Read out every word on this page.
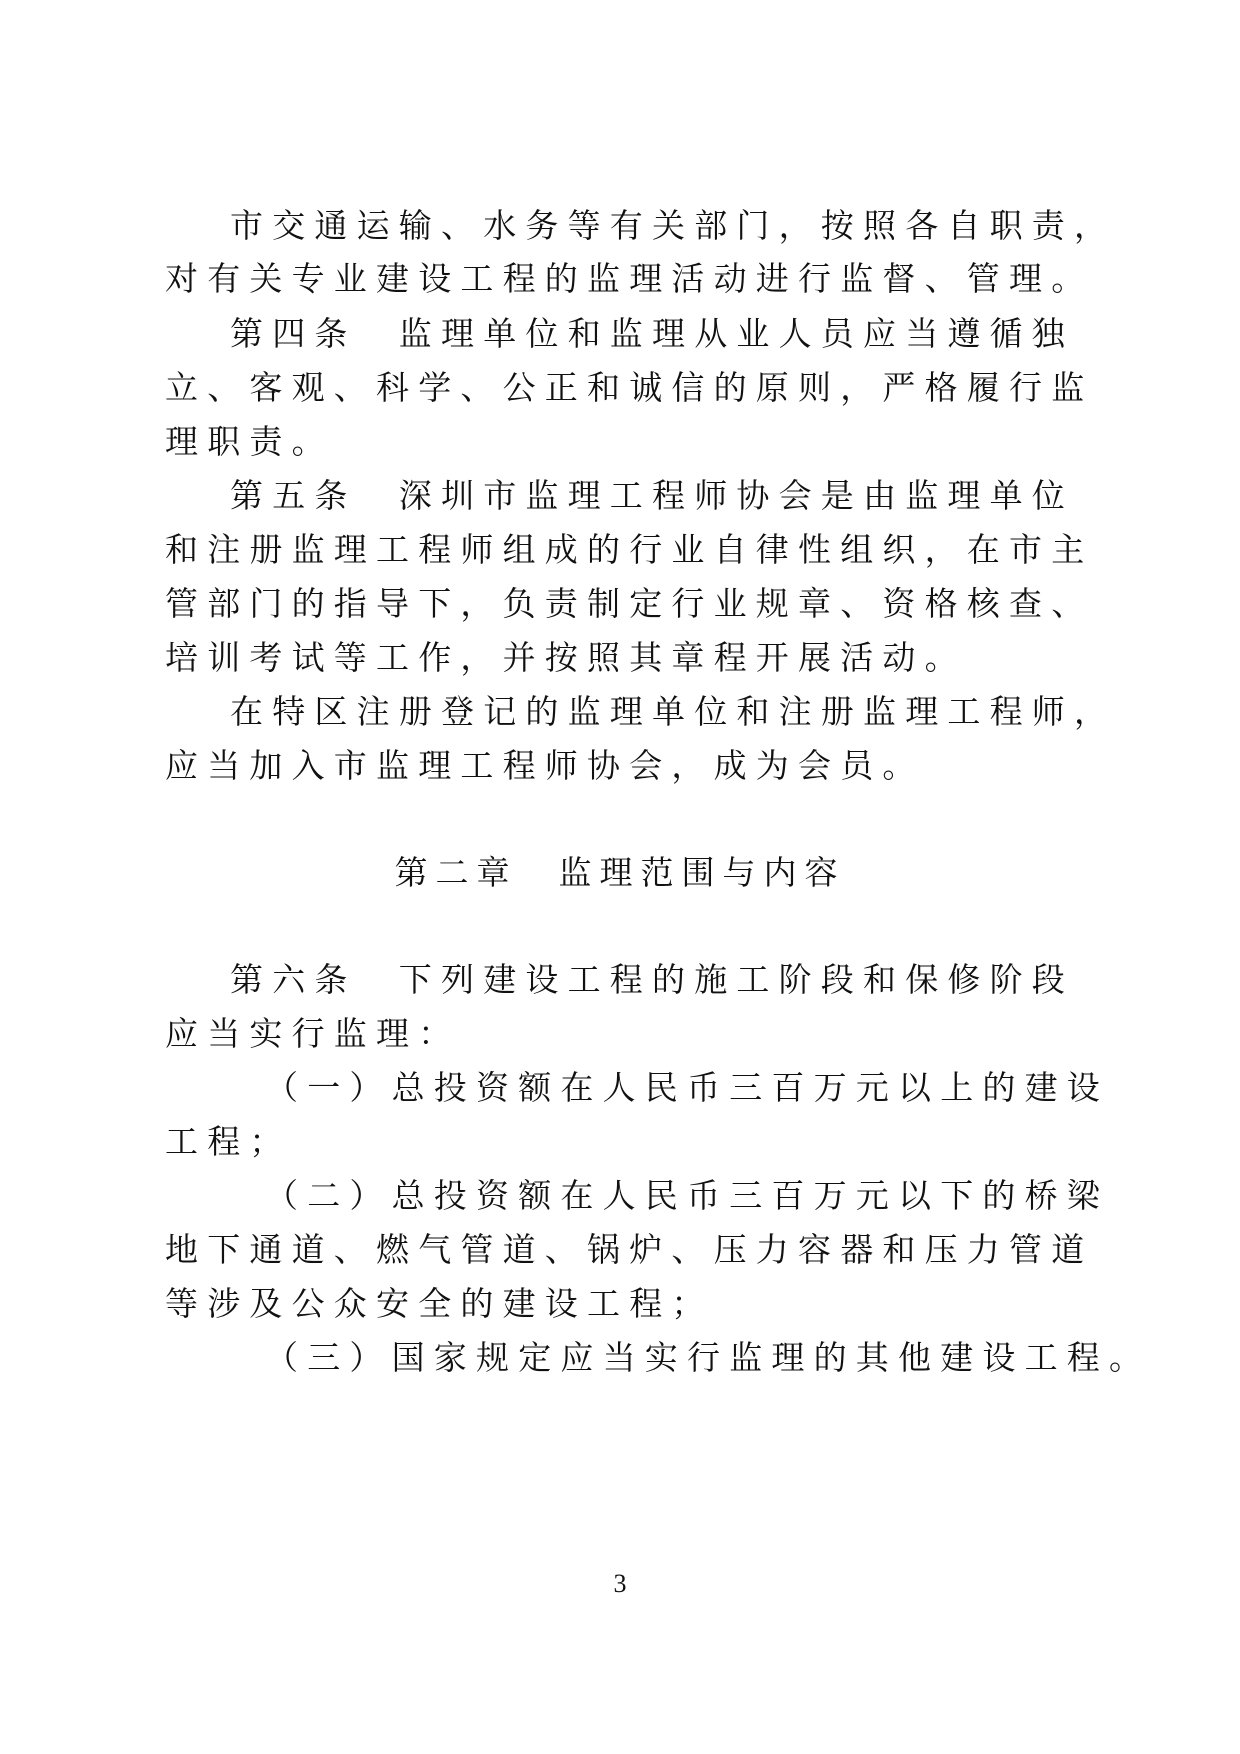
市交通运输、水务等有关部门，按照各自职责，
对有关专业建设工程的监理活动进行监督、管理。
第四条　监理单位和监理从业人员应当遵循独
立、客观、科学、公正和诚信的原则，严格履行监
理职责。
第五条　深圳市监理工程师协会是由监理单位
和注册监理工程师组成的行业自律性组织，在市主
管部门的指导下，负责制定行业规章、资格核查、
培训考试等工作，并按照其章程开展活动。
在特区注册登记的监理单位和注册监理工程师，
应当加入市监理工程师协会，成为会员。
第二章　监理范围与内容
第六条　下列建设工程的施工阶段和保修阶段
应当实行监理：
（一）总投资额在人民币三百万元以上的建设
工程；
（二）总投资额在人民币三百万元以下的桥梁
地下通道、燃气管道、锅炉、压力容器和压力管道
等涉及公众安全的建设工程；
（三）国家规定应当实行监理的其他建设工程。
3
